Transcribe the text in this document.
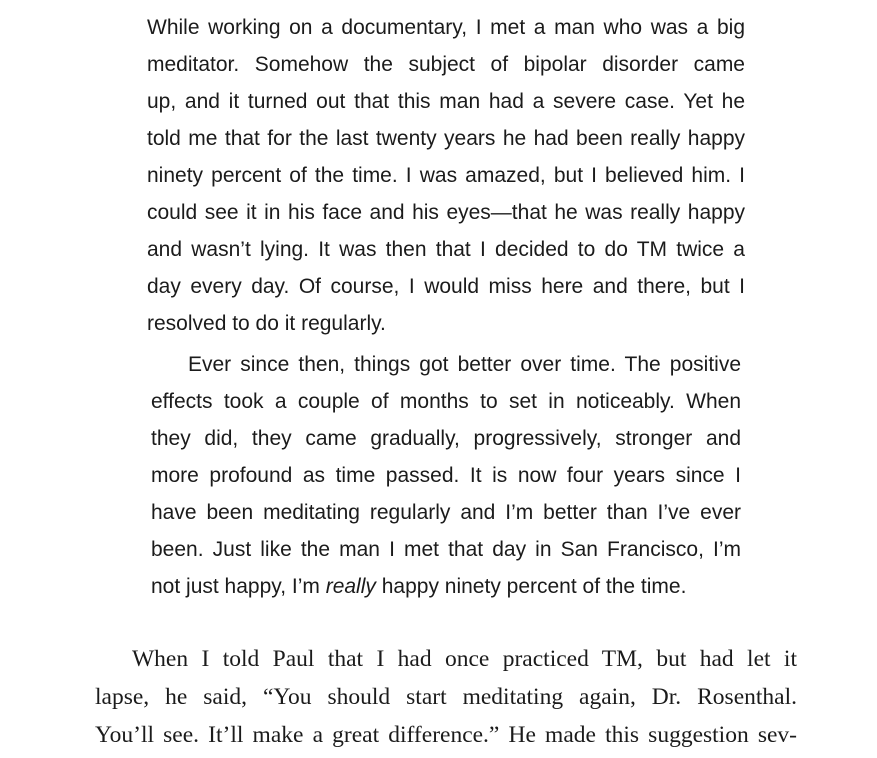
While working on a documentary, I met a man who was a big
meditator. Somehow the subject of bipolar disorder came
up, and it turned out that this man had a severe case. Yet he
told me that for the last twenty years he had been really happy
ninety percent of the time. I was amazed, but I believed him. I
could see it in his face and his eyes—that he was really happy
and wasn’t lying. It was then that I decided to do TM twice a
day every day. Of course, I would miss here and there, but I
resolved to do it regularly.
Ever since then, things got better over time. The positive
effects took a couple of months to set in noticeably. When
they did, they came gradually, progressively, stronger and
more profound as time passed. It is now four years since I
have been meditating regularly and I’m better than I’ve ever
been. Just like the man I met that day in San Francisco, I’m
not just happy, I’m really happy ninety percent of the time.
When I told Paul that I had once practiced TM, but had let it
lapse, he said, “You should start meditating again, Dr. Rosenthal.
You’ll see. It’ll make a great difference.” He made this suggestion sev-
